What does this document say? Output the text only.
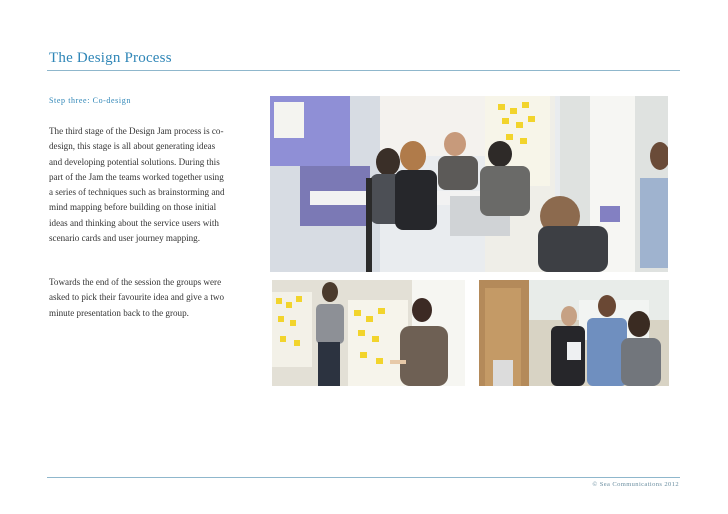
The Design Process
Step three: Co-design

The third stage of the Design Jam process is co-design, this stage is all about generating ideas and developing potential solutions. During this part of the Jam the teams worked together using a series of techniques such as brainstorming and mind mapping before building on those initial ideas and thinking about the service users with scenario cards and user journey mapping.

Towards the end of the session the groups were asked to pick their favourite idea and give a two minute presentation back to the group.

© Sea Communications 2012
